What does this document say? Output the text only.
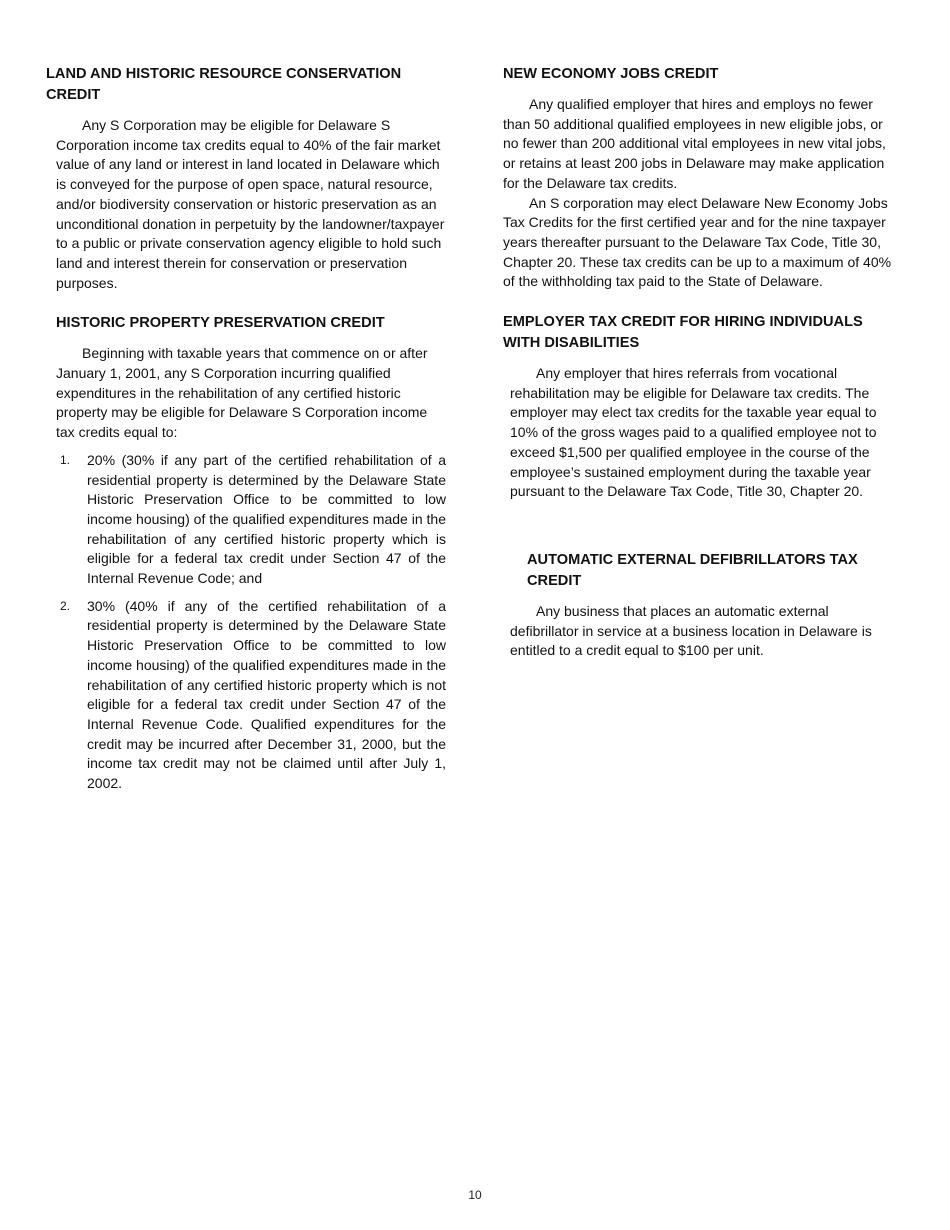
LAND AND HISTORIC RESOURCE CONSERVATION CREDIT

Any S Corporation may be eligible for Delaware S Corporation income tax credits equal to 40% of the fair market value of any land or interest in land located in Delaware which is conveyed for the purpose of open space, natural resource, and/or biodiversity conservation or historic preservation as an unconditional donation in perpetuity by the landowner/taxpayer to a public or private conservation agency eligible to hold such land and interest therein for conservation or preservation purposes.

HISTORIC PROPERTY PRESERVATION CREDIT

Beginning with taxable years that commence on or after January 1, 2001, any S Corporation incurring qualified expenditures in the rehabilitation of any certified historic property may be eligible for Delaware S Corporation income tax credits equal to:

1.	20% (30% if any part of the certified rehabilitation of a residential property is determined by the Delaware State Historic Preservation Office to be committed to low income housing) of the qualified expenditures made in the rehabilitation of any certified historic property which is eligible for a federal tax credit under Section 47 of the Internal Revenue Code; and
2.	30% (40% if any of the certified rehabilitation of a residential property is determined by the Delaware State Historic Preservation Office to be committed to low income housing) of the qualified expenditures made in the rehabilitation of any certified historic property which is not eligible for a federal tax credit under Section 47 of the Internal Revenue Code. Qualified expenditures for the credit may be incurred after December 31, 2000, but the income tax credit may not be claimed until after July 1, 2002.
NEW ECONOMY JOBS CREDIT

Any qualified employer that hires and employs no fewer than 50 additional qualified employees in new eligible jobs, or no fewer than 200 additional vital employees in new vital jobs, or retains at least 200 jobs in Delaware may make application for the Delaware tax credits.

An S corporation may elect Delaware New Economy Jobs Tax Credits for the first certified year and for the nine taxpayer years thereafter pursuant to the Delaware Tax Code, Title 30, Chapter 20. These tax credits can be up to a maximum of 40% of the withholding tax paid to the State of Delaware.

EMPLOYER TAX CREDIT FOR HIRING INDIVIDUALS WITH DISABILITIES

Any employer that hires referrals from vocational rehabilitation may be eligible for Delaware tax credits. The employer may elect tax credits for the taxable year equal to 10% of the gross wages paid to a qualified employee not to exceed $1,500 per qualified employee in the course of the employee’s sustained employment during the taxable year pursuant to the Delaware Tax Code, Title 30, Chapter 20.

AUTOMATIC EXTERNAL DEFIBRILLATORS TAX CREDIT

Any business that places an automatic external defibrillator in service at a business location in Delaware is entitled to a credit equal to $100 per unit.

10
